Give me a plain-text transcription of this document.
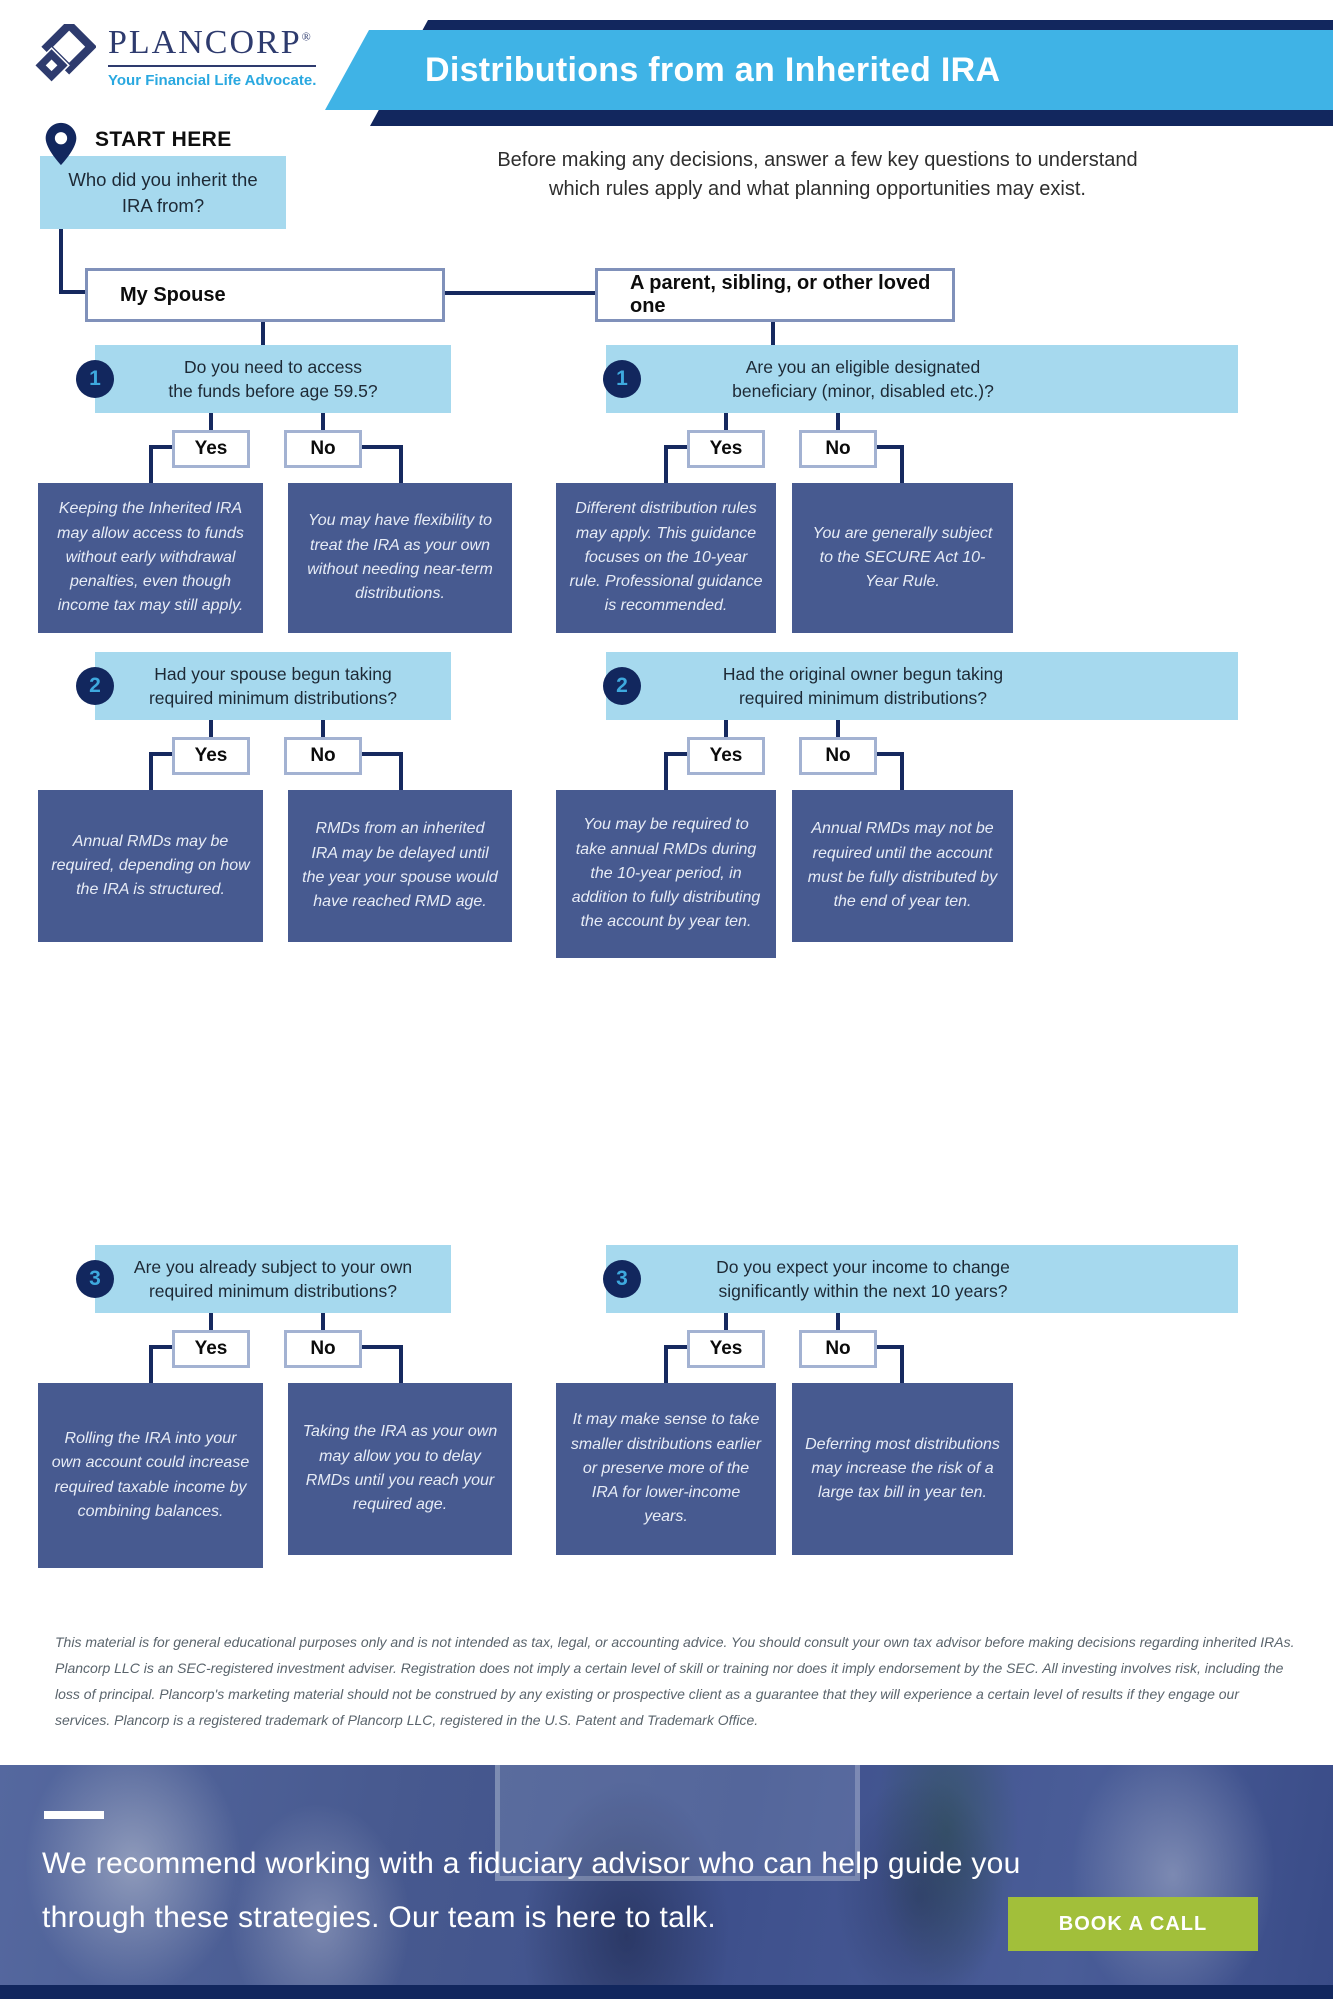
PLANCORP®
Your Financial Life Advocate.	Distributions from an Inherited IRA
START HERE
Who did you inherit the IRA from?
Before making any decisions, answer a few key questions to understand
which rules apply and what planning opportunities may exist.
My Spouse
A parent, sibling, or other loved one
1
Do you need to access
the funds before age 59.5?
Yes	No
Keeping the Inherited IRA may allow access to funds without early withdrawal penalties, even though income tax may still apply.
You may have flexibility to treat the IRA as your own without needing near-term distributions.
1
Are you an eligible designated
beneficiary (minor, disabled etc.)?
Yes	No
Different distribution rules may apply. This guidance focuses on the 10-year rule. Professional guidance is recommended.
You are generally subject to the SECURE Act 10-Year Rule.
2
Had your spouse begun taking
required minimum distributions?
Yes	No
Annual RMDs may be required, depending on how the IRA is structured.
RMDs from an inherited IRA may be delayed until the year your spouse would have reached RMD age.
2
Had the original owner begun taking
required minimum distributions?
Yes	No
You may be required to take annual RMDs during the 10-year period, in addition to fully distributing the account by year ten.
Annual RMDs may not be required until the account must be fully distributed by the end of year ten.
3
Are you already subject to your own
required minimum distributions?
Yes	No
Rolling the IRA into your own account could increase required taxable income by combining balances.
Taking the IRA as your own may allow you to delay RMDs until you reach your required age.
3
Do you expect your income to change
significantly within the next 10 years?
Yes	No
It may make sense to take smaller distributions earlier or preserve more of the IRA for lower-income years.
Deferring most distributions may increase the risk of a large tax bill in year ten.
This material is for general educational purposes only and is not intended as tax, legal, or accounting advice. You should consult your own tax advisor before making decisions regarding inherited IRAs. Plancorp LLC is an SEC-registered investment adviser. Registration does not imply a certain level of skill or training nor does it imply endorsement by the SEC. All investing involves risk, including the loss of principal. Plancorp's marketing material should not be construed by any existing or prospective client as a guarantee that they will experience a certain level of results if they engage our services. Plancorp is a registered trademark of Plancorp LLC, registered in the U.S. Patent and Trademark Office.
We recommend working with a fiduciary advisor who can help guide you through these strategies. Our team is here to talk.	BOOK A CALL
